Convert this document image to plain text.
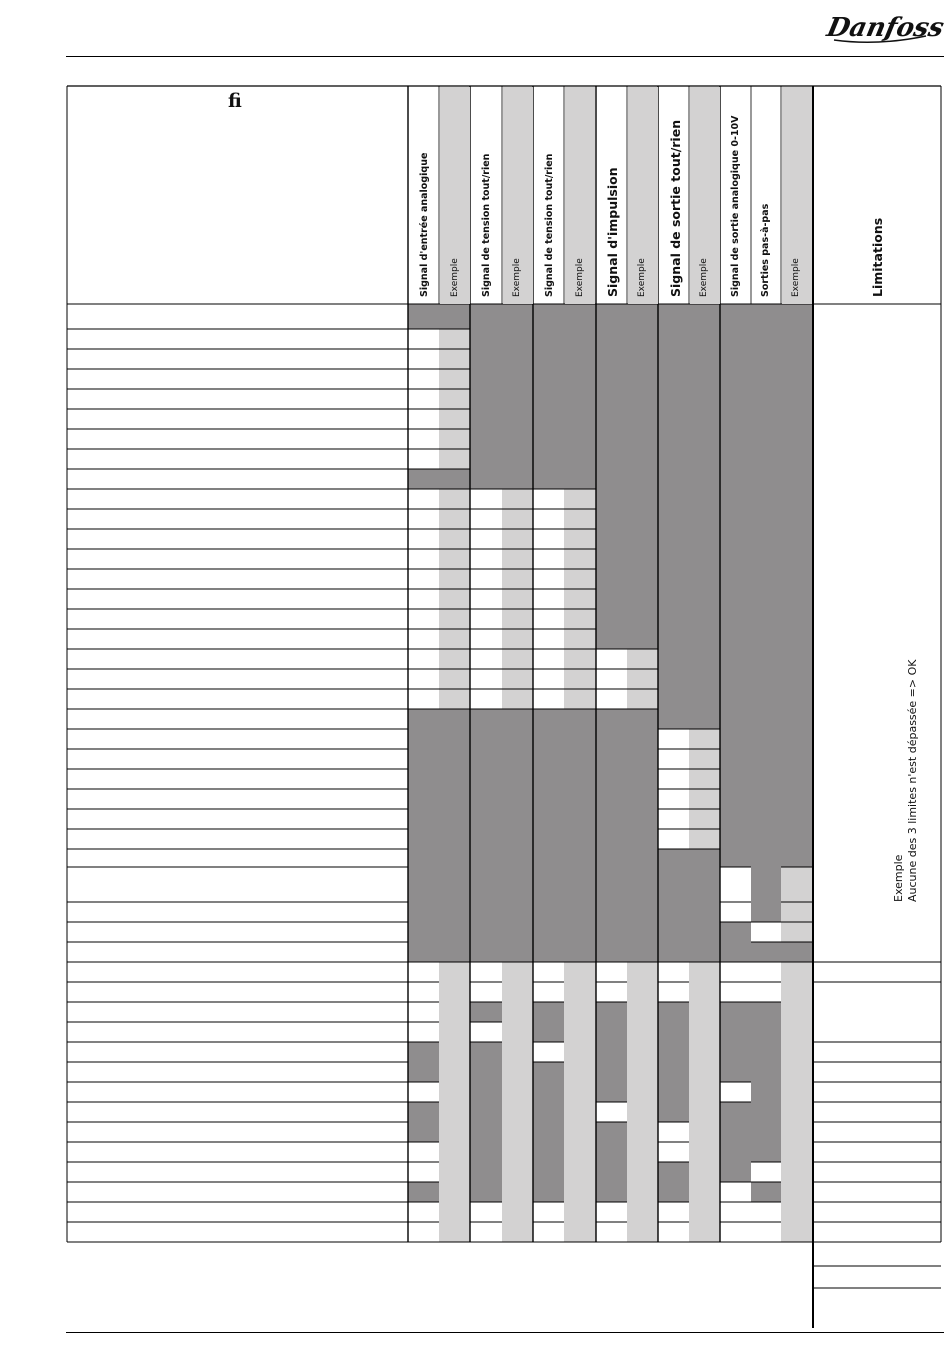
Danfoss
ﬁ
Signal d'entrée analogique Exemple Signal de tension tout/rien Exemple Signal de tension tout/rien Exemple Signal d'impulsion Exemple Signal de sortie tout/rien Exemple Signal de sortie analogique 0-10V Sorties pas-à-pas Exemple	Limitations
Exemple Aucune des 3 limites n'est dépassée => OK
